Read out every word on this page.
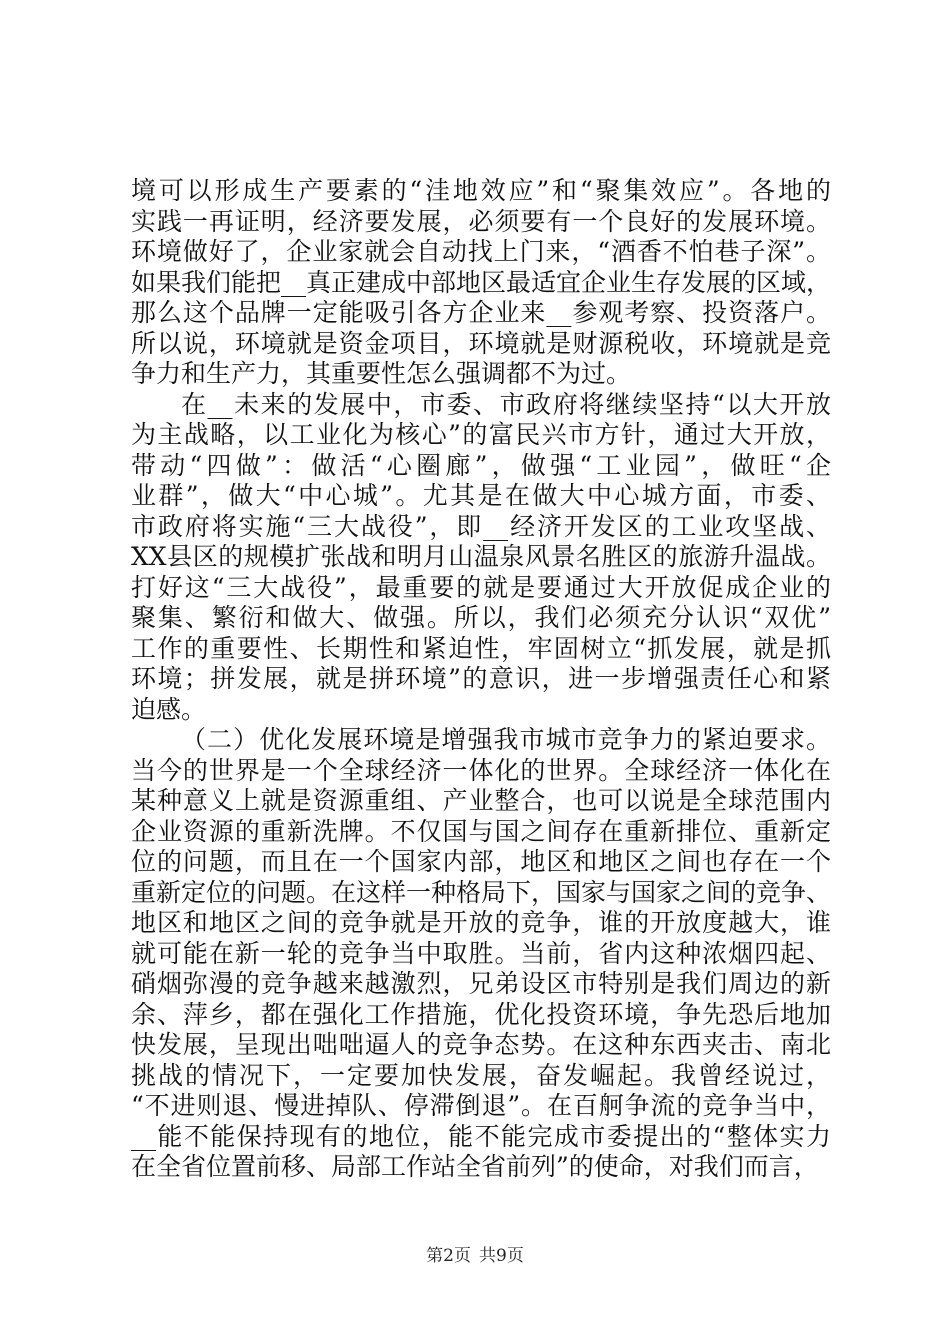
境可以形成生产要素的“洼地效应”和“聚集效应”。各地的
实践一再证明，经济要发展，必须要有一个良好的发展环境。
环境做好了，企业家就会自动找上门来，“酒香不怕巷子深”。
如果我们能把__真正建成中部地区最适宜企业生存发展的区域，
那么这个品牌一定能吸引各方企业来__参观考察、投资落户。
所以说，环境就是资金项目，环境就是财源税收，环境就是竞
争力和生产力，其重要性怎么强调都不为过。
在__未来的发展中，市委、市政府将继续坚持“以大开放
为主战略，以工业化为核心”的富民兴市方针，通过大开放，
带动“四做”：做活“心圈廊”，做强“工业园”，做旺“企
业群”，做大“中心城”。尤其是在做大中心城方面，市委、
市政府将实施“三大战役”，即__经济开发区的工业攻坚战、
XX县区的规模扩张战和明月山温泉风景名胜区的旅游升温战。
打好这“三大战役”，最重要的就是要通过大开放促成企业的
聚集、繁衍和做大、做强。所以，我们必须充分认识“双优”
工作的重要性、长期性和紧迫性，牢固树立“抓发展，就是抓
环境；拼发展，就是拼环境”的意识，进一步增强责任心和紧
迫感。
（二）优化发展环境是增强我市城市竞争力的紧迫要求。
当今的世界是一个全球经济一体化的世界。全球经济一体化在
某种意义上就是资源重组、产业整合，也可以说是全球范围内
企业资源的重新洗牌。不仅国与国之间存在重新排位、重新定
位的问题，而且在一个国家内部，地区和地区之间也存在一个
重新定位的问题。在这样一种格局下，国家与国家之间的竞争、
地区和地区之间的竞争就是开放的竞争，谁的开放度越大，谁
就可能在新一轮的竞争当中取胜。当前，省内这种浓烟四起、
硝烟弥漫的竞争越来越激烈，兄弟设区市特别是我们周边的新
余、萍乡，都在强化工作措施，优化投资环境，争先恐后地加
快发展，呈现出咄咄逼人的竞争态势。在这种东西夹击、南北
挑战的情况下，一定要加快发展，奋发崛起。我曾经说过，
“不进则退、慢进掉队、停滞倒退”。在百舸争流的竞争当中，
__能不能保持现有的地位，能不能完成市委提出的“整体实力
在全省位置前移、局部工作站全省前列”的使命，对我们而言，
第2页 共9页
